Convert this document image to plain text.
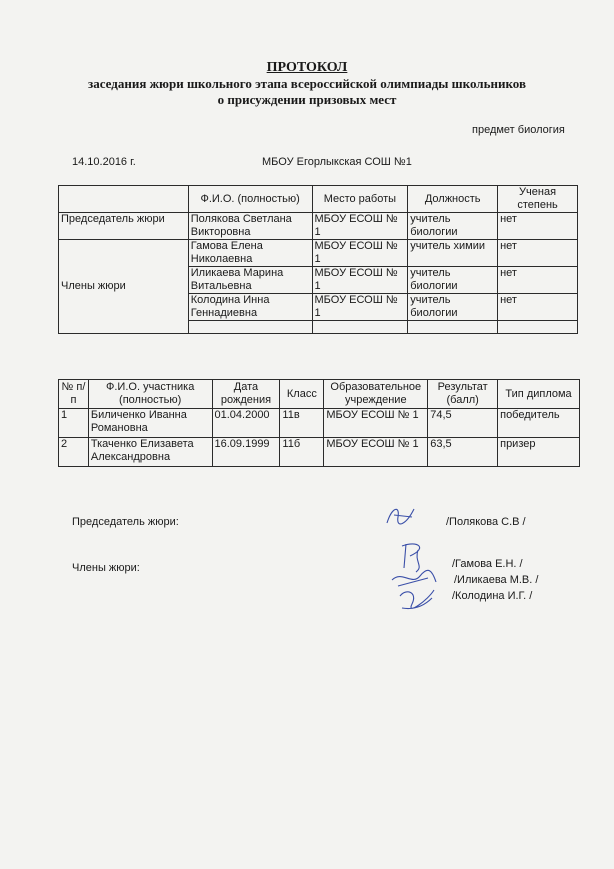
ПРОТОКОЛ
заседания жюри школьного этапа всероссийской олимпиады школьников
о присуждении призовых мест
предмет биология
14.10.2016 г.	МБОУ Егорлыкская СОШ №1
	Ф.И.О. (полностью)	Место работы	Должность	Ученая степень
Председатель жюри	Полякова Светлана Викторовна	МБОУ ЕСОШ № 1	учитель биологии	нет
Члены жюри	Гамова Елена Николаевна	МБОУ ЕСОШ № 1	учитель химии	нет
	Иликаева Марина Витальевна	МБОУ ЕСОШ № 1	учитель биологии	нет
	Колодина Инна Геннадиевна	МБОУ ЕСОШ № 1	учитель биологии	нет

№ п/п	Ф.И.О. участника (полностью)	Дата рождения	Класс	Образовательное учреждение	Результат (балл)	Тип диплома
1	Биличенко Иванна Романовна	01.04.2000	11в	МБОУ ЕСОШ № 1	74,5	победитель
2	Ткаченко Елизавета Александровна	16.09.1999	11б	МБОУ ЕСОШ № 1	63,5	призер
Председатель жюри:	/Полякова С.В /
Члены жюри:	/Гамова Е.Н. /
/Иликаева М.В. /
/Колодина И.Г. /
